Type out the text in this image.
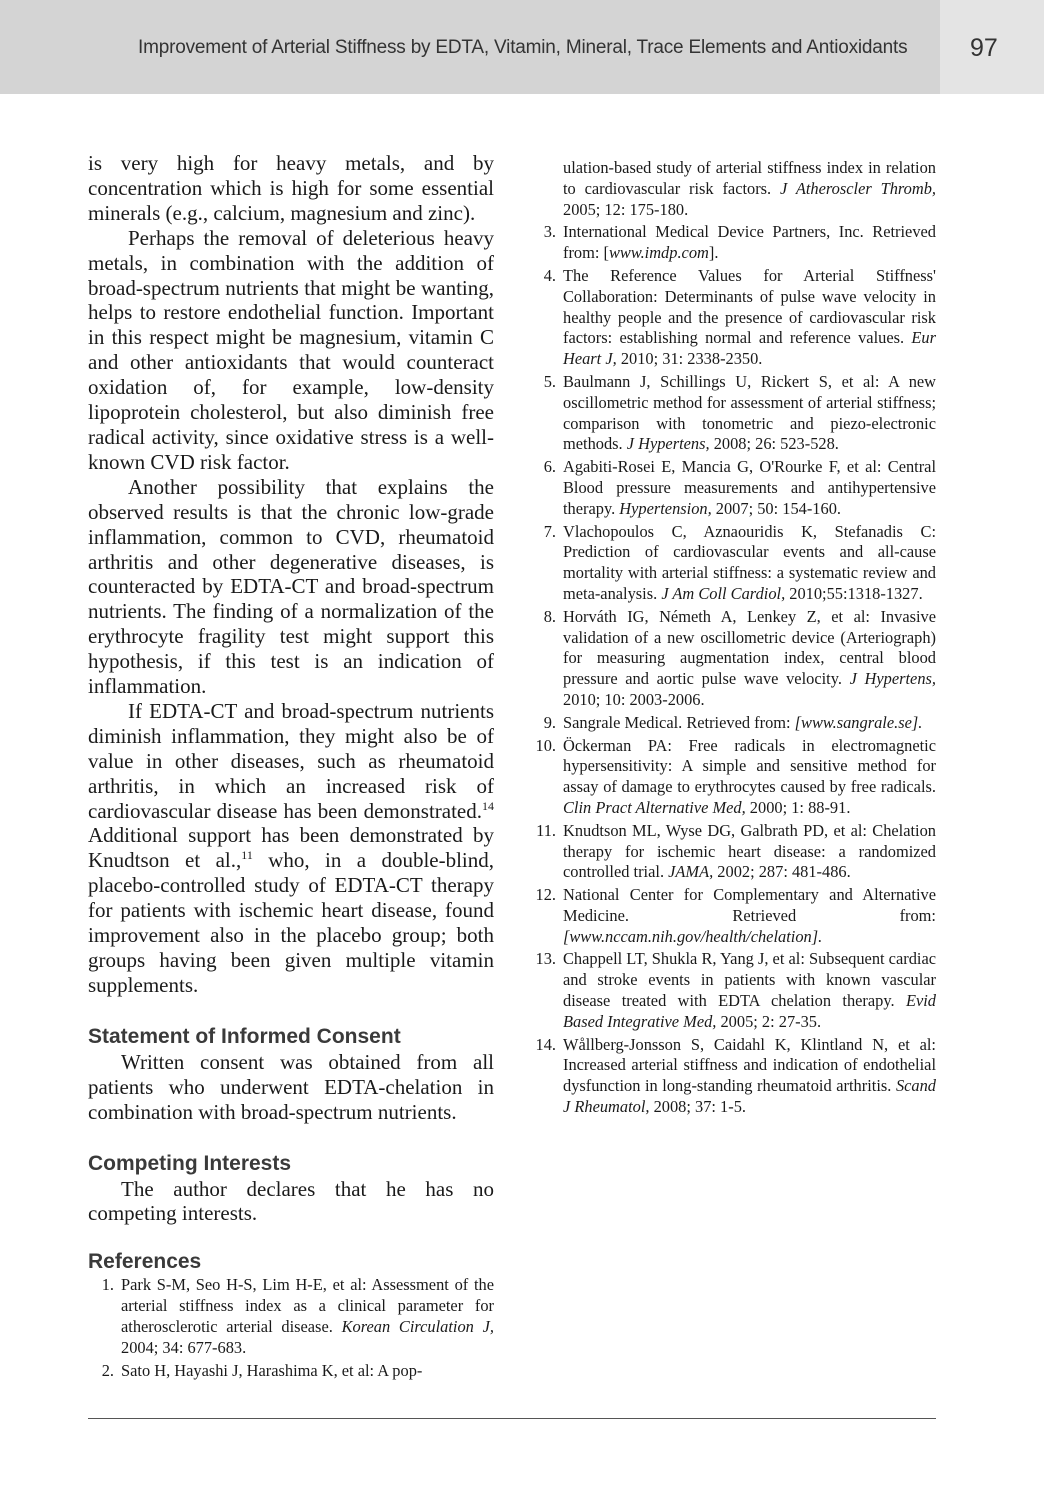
Improvement of Arterial Stiffness by EDTA, Vitamin, Mineral, Trace Elements and Antioxidants	97

is very high for heavy metals, and by concentration which is high for some essential minerals (e.g., calcium, magnesium and zinc).

Perhaps the removal of deleterious heavy metals, in combination with the addition of broad-spectrum nutrients that might be wanting, helps to restore endothelial function. Important in this respect might be magnesium, vitamin C and other antioxidants that would counteract oxidation of, for example, low-density lipoprotein cholesterol, but also diminish free radical activity, since oxidative stress is a well-known CVD risk factor.

Another possibility that explains the observed results is that the chronic low-grade inflammation, common to CVD, rheumatoid arthritis and other degenerative diseases, is counteracted by EDTA-CT and broad-spectrum nutrients. The finding of a normalization of the erythrocyte fragility test might support this hypothesis, if this test is an indication of inflammation.

If EDTA-CT and broad-spectrum nutrients diminish inflammation, they might also be of value in other diseases, such as rheumatoid arthritis, in which an increased risk of cardiovascular disease has been demonstrated.$^{14}$ Additional support has been demonstrated by Knudtson et al.,$^{11}$ who, in a double-blind, placebo-controlled study of EDTA-CT therapy for patients with ischemic heart disease, found improvement also in the placebo group; both groups having been given multiple vitamin supplements.

Statement of Informed Consent

Written consent was obtained from all patients who underwent EDTA-chelation in combination with broad-spectrum nutrients.

Competing Interests

The author declares that he has no competing interests.

References
1. Park S-M, Seo H-S, Lim H-E, et al: Assessment of the arterial stiffness index as a clinical parameter for atherosclerotic arterial disease. Korean Circulation J, 2004; 34: 677-683.
2. Sato H, Hayashi J, Harashima K, et al: A pop-
ulation-based study of arterial stiffness index in relation to cardiovascular risk factors. J Atheroscler Thromb, 2005; 12: 175-180.
3. International Medical Device Partners, Inc. Retrieved from: [www.imdp.com].
4. The Reference Values for Arterial Stiffness' Collaboration: Determinants of pulse wave velocity in healthy people and the presence of cardiovascular risk factors: establishing normal and reference values. Eur Heart J, 2010; 31: 2338-2350.
5. Baulmann J, Schillings U, Rickert S, et al: A new oscillometric method for assessment of arterial stiffness; comparison with tonometric and piezo-electronic methods. J Hypertens, 2008; 26: 523-528.
6. Agabiti-Rosei E, Mancia G, O'Rourke F, et al: Central Blood pressure measurements and antihypertensive therapy. Hypertension, 2007; 50: 154-160.
7. Vlachopoulos C, Aznaouridis K, Stefanadis C: Prediction of cardiovascular events and all-cause mortality with arterial stiffness: a systematic review and meta-analysis. J Am Coll Cardiol, 2010;55:1318-1327.
8. Horváth IG, Németh A, Lenkey Z, et al: Invasive validation of a new oscillometric device (Arteriograph) for measuring augmentation index, central blood pressure and aortic pulse wave velocity. J Hypertens, 2010; 10: 2003-2006.
9. Sangrale Medical. Retrieved from: [www.sangrale.se].
10. Öckerman PA: Free radicals in electromagnetic hypersensitivity: A simple and sensitive method for assay of damage to erythrocytes caused by free radicals. Clin Pract Alternative Med, 2000; 1: 88-91.
11. Knudtson ML, Wyse DG, Galbrath PD, et al: Chelation therapy for ischemic heart disease: a randomized controlled trial. JAMA, 2002; 287: 481-486.
12. National Center for Complementary and Alternative Medicine. Retrieved from: [www.nccam.nih.gov/health/chelation].
13. Chappell LT, Shukla R, Yang J, et al: Subsequent cardiac and stroke events in patients with known vascular disease treated with EDTA chelation therapy. Evid Based Integrative Med, 2005; 2: 27-35.
14. Wållberg-Jonsson S, Caidahl K, Klintland N, et al: Increased arterial stiffness and indication of endothelial dysfunction in long-standing rheumatoid arthritis. Scand J Rheumatol, 2008; 37: 1-5.
